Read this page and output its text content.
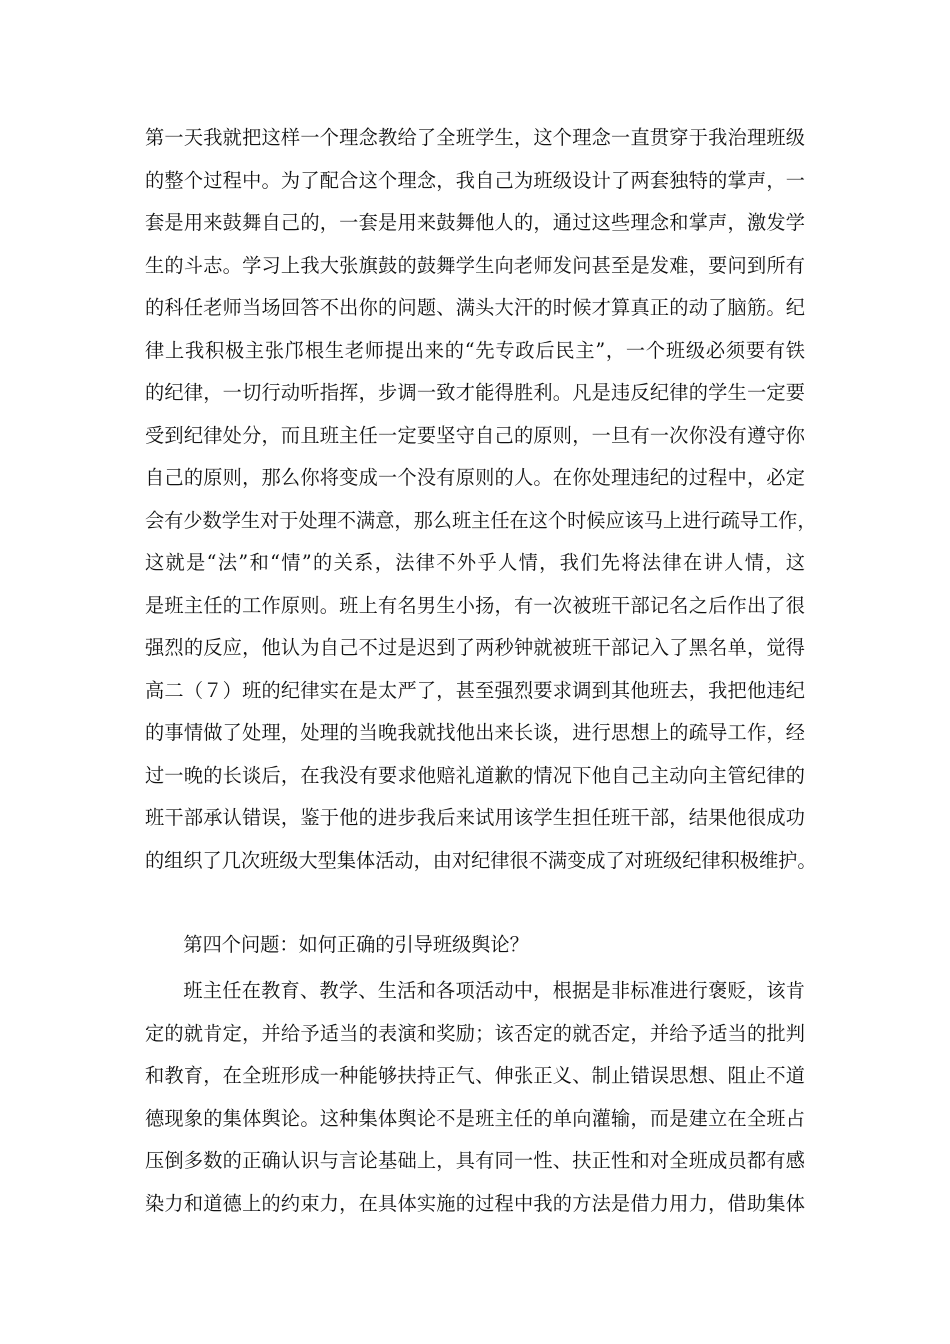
第一天我就把这样一个理念教给了全班学生，这个理念一直贯穿于我治理班级
的整个过程中。为了配合这个理念，我自己为班级设计了两套独特的掌声，一
套是用来鼓舞自己的，一套是用来鼓舞他人的，通过这些理念和掌声，激发学
生的斗志。学习上我大张旗鼓的鼓舞学生向老师发问甚至是发难，要问到所有
的科任老师当场回答不出你的问题、满头大汗的时候才算真正的动了脑筋。纪
律上我积极主张邝根生老师提出来的“先专政后民主”，一个班级必须要有铁
的纪律，一切行动听指挥，步调一致才能得胜利。凡是违反纪律的学生一定要
受到纪律处分，而且班主任一定要坚守自己的原则，一旦有一次你没有遵守你
自己的原则，那么你将变成一个没有原则的人。在你处理违纪的过程中，必定
会有少数学生对于处理不满意，那么班主任在这个时候应该马上进行疏导工作，
这就是“法”和“情”的关系，法律不外乎人情，我们先将法律在讲人情，这
是班主任的工作原则。班上有名男生小扬，有一次被班干部记名之后作出了很
强烈的反应，他认为自己不过是迟到了两秒钟就被班干部记入了黑名单，觉得
高二（７）班的纪律实在是太严了，甚至强烈要求调到其他班去，我把他违纪
的事情做了处理，处理的当晚我就找他出来长谈，进行思想上的疏导工作，经
过一晚的长谈后，在我没有要求他赔礼道歉的情况下他自己主动向主管纪律的
班干部承认错误，鉴于他的进步我后来试用该学生担任班干部，结果他很成功
的组织了几次班级大型集体活动，由对纪律很不满变成了对班级纪律积极维护。
第四个问题：如何正确的引导班级舆论？
班主任在教育、教学、生活和各项活动中，根据是非标准进行褒贬，该肯
定的就肯定，并给予适当的表演和奖励；该否定的就否定，并给予适当的批判
和教育，在全班形成一种能够扶持正气、伸张正义、制止错误思想、阻止不道
德现象的集体舆论。这种集体舆论不是班主任的单向灌输，而是建立在全班占
压倒多数的正确认识与言论基础上，具有同一性、扶正性和对全班成员都有感
染力和道德上的约束力，在具体实施的过程中我的方法是借力用力，借助集体
